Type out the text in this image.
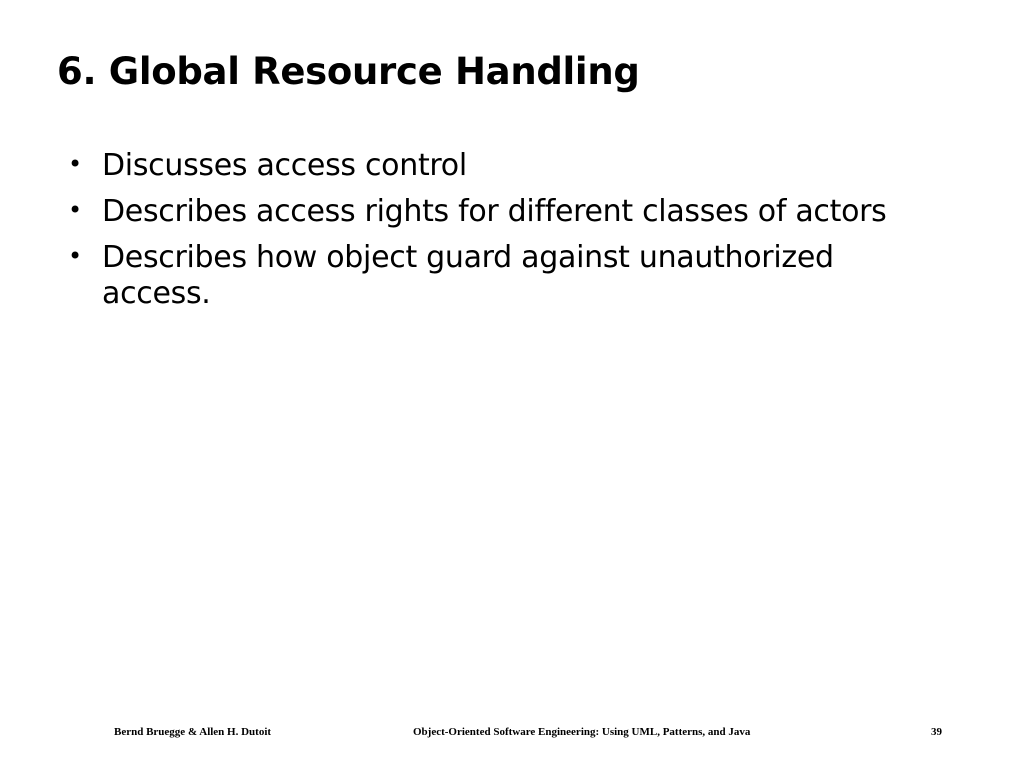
6. Global Resource Handling
• Discusses access control
• Describes access rights for different classes of actors
• Describes how object guard against unauthorized access.
Bernd Bruegge & Allen H. Dutoit	Object-Oriented Software Engineering: Using UML, Patterns, and Java	39
